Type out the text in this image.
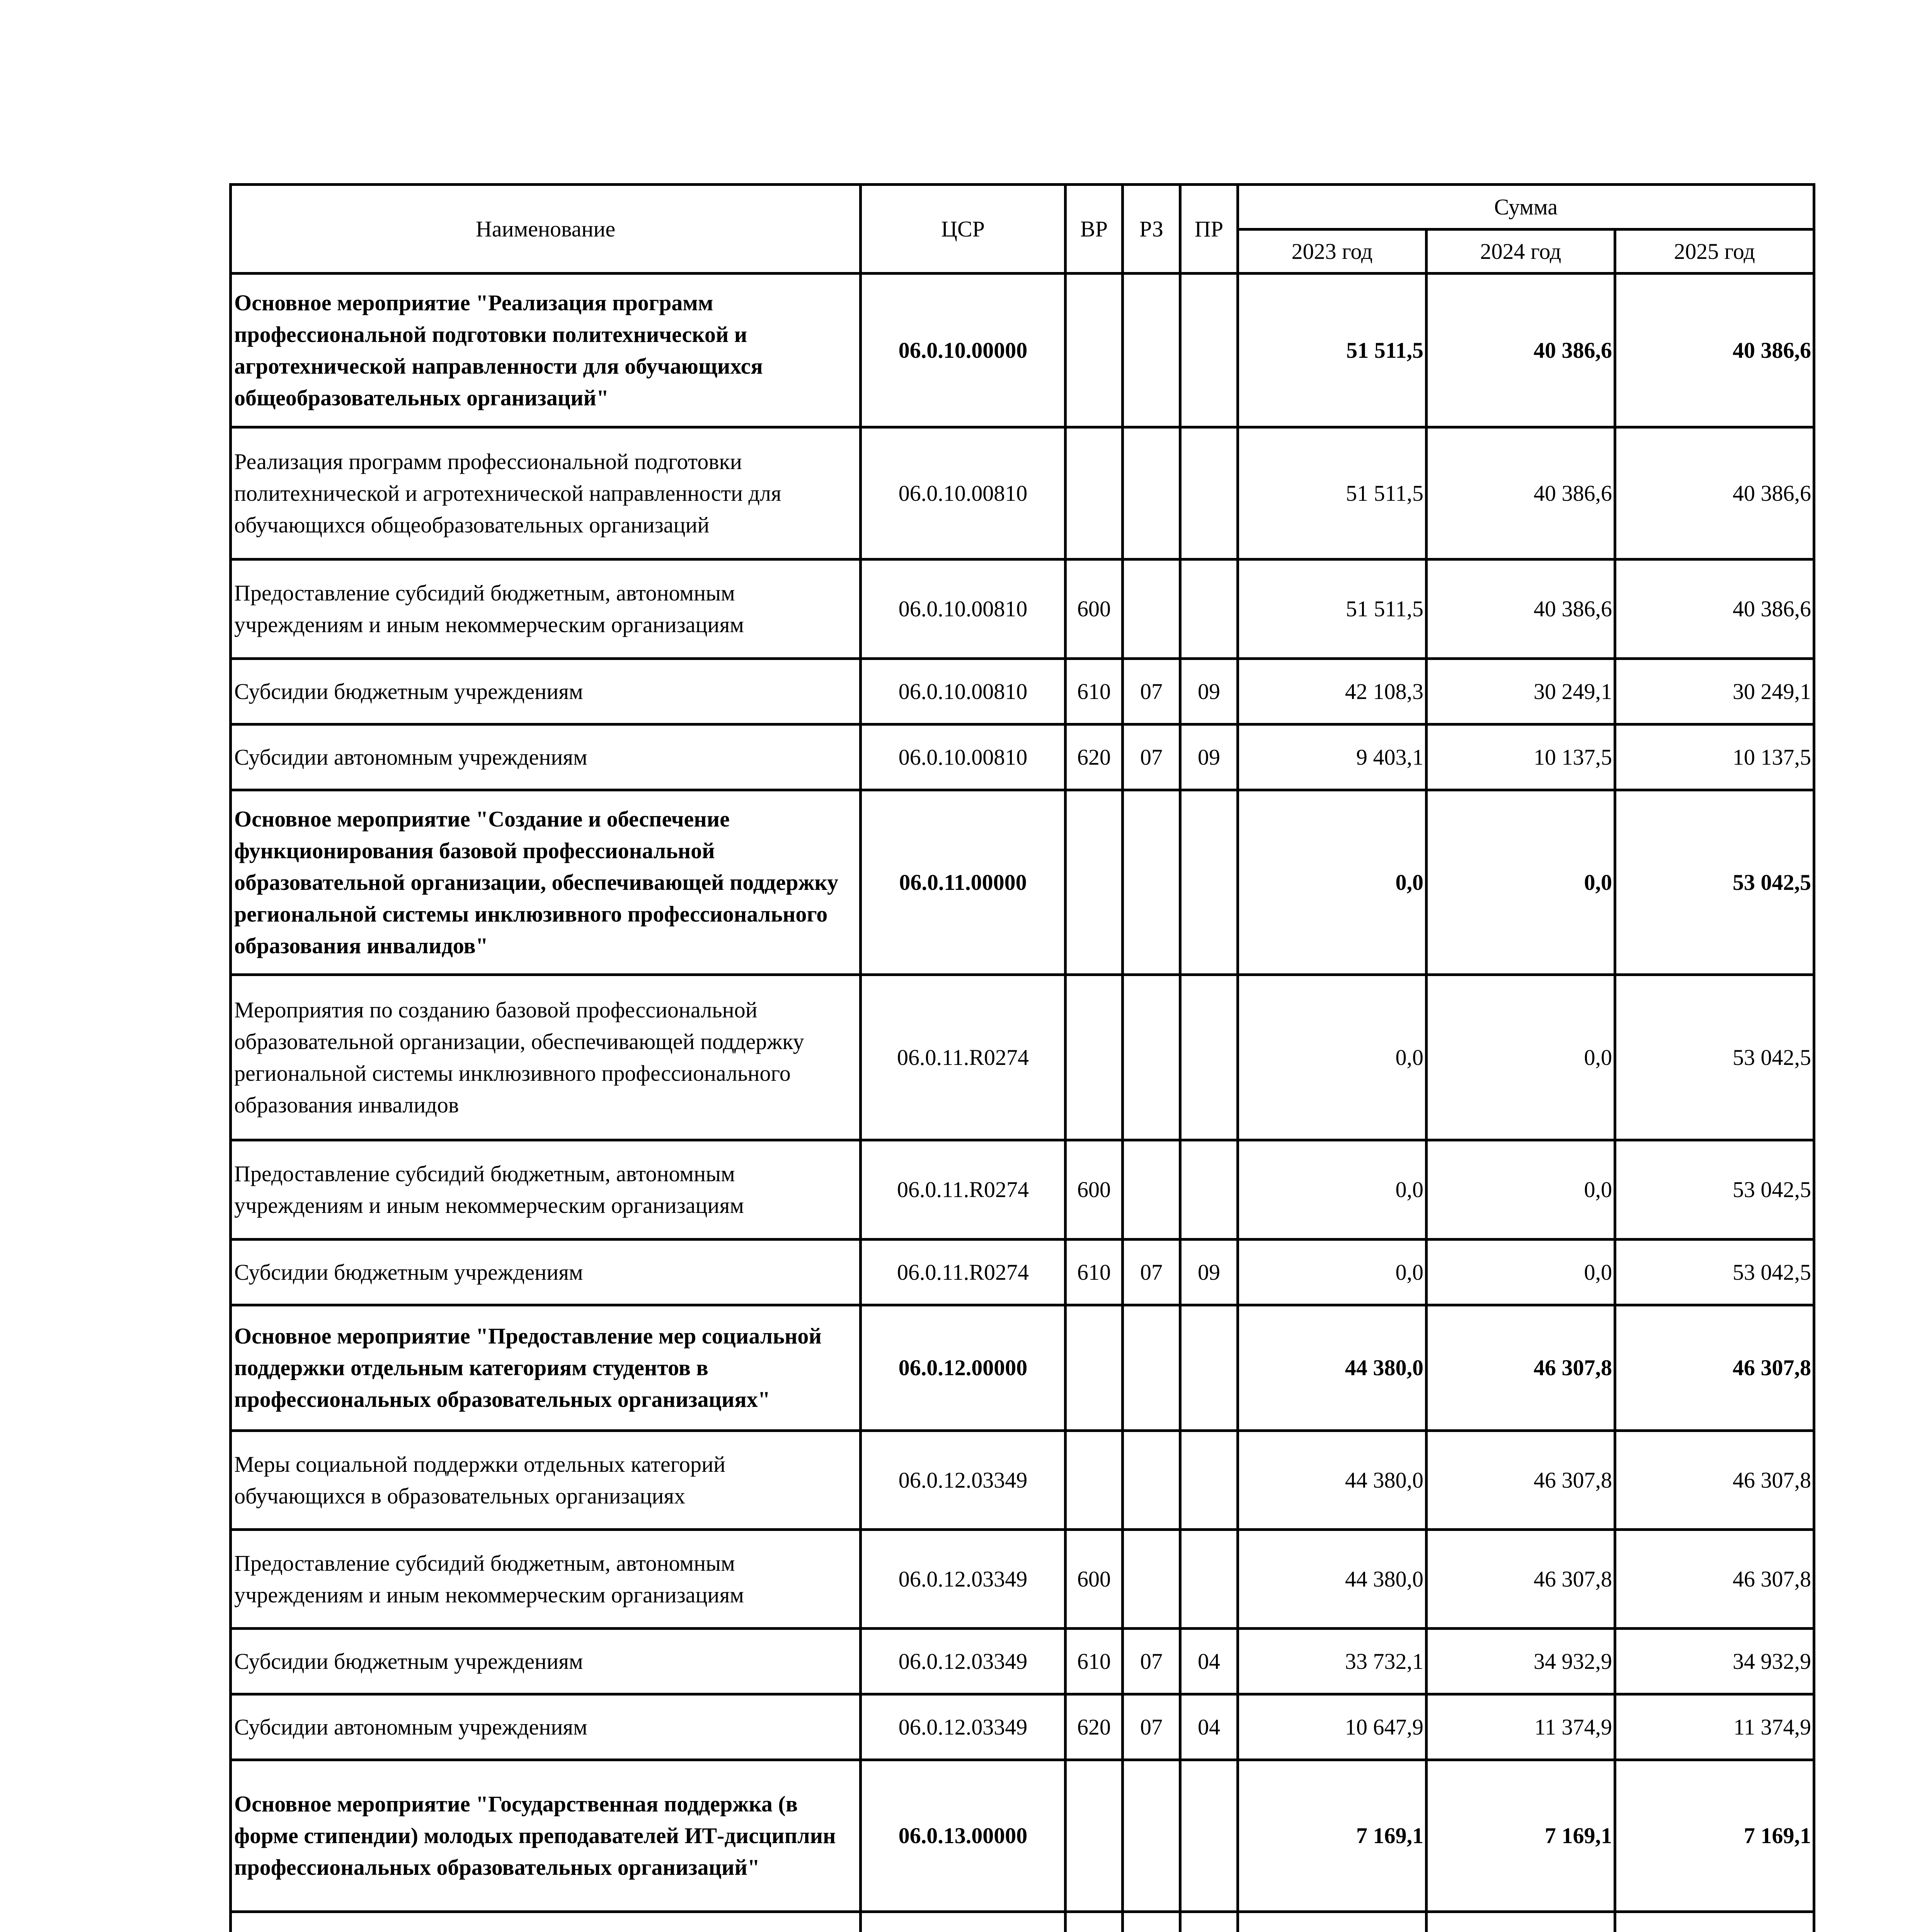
Наименование	ЦСР	ВР	РЗ	ПР	Сумма		
					2023 год	2024 год	2025 год
Основное мероприятие "Реализация программ профессиональной подготовки политехнической и агротехнической направленности для обучающихся общеобразовательных организаций"	06.0.10.00000				51 511,5	40 386,6	40 386,6
Реализация программ профессиональной подготовки политехнической и агротехнической направленности для обучающихся общеобразовательных организаций	06.0.10.00810				51 511,5	40 386,6	40 386,6
Предоставление субсидий бюджетным, автономным учреждениям и иным некоммерческим организациям	06.0.10.00810	600			51 511,5	40 386,6	40 386,6
Субсидии бюджетным учреждениям	06.0.10.00810	610	07	09	42 108,3	30 249,1	30 249,1
Субсидии автономным учреждениям	06.0.10.00810	620	07	09	9 403,1	10 137,5	10 137,5
Основное мероприятие "Создание и обеспечение функционирования базовой профессиональной образовательной организации, обеспечивающей поддержку региональной системы инклюзивного профессионального образования инвалидов"	06.0.11.00000				0,0	0,0	53 042,5
Мероприятия по созданию базовой профессиональной образовательной организации, обеспечивающей поддержку региональной системы инклюзивного профессионального образования инвалидов	06.0.11.R0274				0,0	0,0	53 042,5
Предоставление субсидий бюджетным, автономным учреждениям и иным некоммерческим организациям	06.0.11.R0274	600			0,0	0,0	53 042,5
Субсидии бюджетным учреждениям	06.0.11.R0274	610	07	09	0,0	0,0	53 042,5
Основное мероприятие "Предоставление мер социальной поддержки отдельным категориям студентов в профессиональных образовательных организациях"	06.0.12.00000				44 380,0	46 307,8	46 307,8
Меры социальной поддержки отдельных категорий обучающихся в образовательных организациях	06.0.12.03349				44 380,0	46 307,8	46 307,8
Предоставление субсидий бюджетным, автономным учреждениям и иным некоммерческим организациям	06.0.12.03349	600			44 380,0	46 307,8	46 307,8
Субсидии бюджетным учреждениям	06.0.12.03349	610	07	04	33 732,1	34 932,9	34 932,9
Субсидии автономным учреждениям	06.0.12.03349	620	07	04	10 647,9	11 374,9	11 374,9
Основное мероприятие "Государственная поддержка (в форме стипендии) молодых преподавателей ИТ-дисциплин профессиональных образовательных организаций"	06.0.13.00000				7 169,1	7 169,1	7 169,1
